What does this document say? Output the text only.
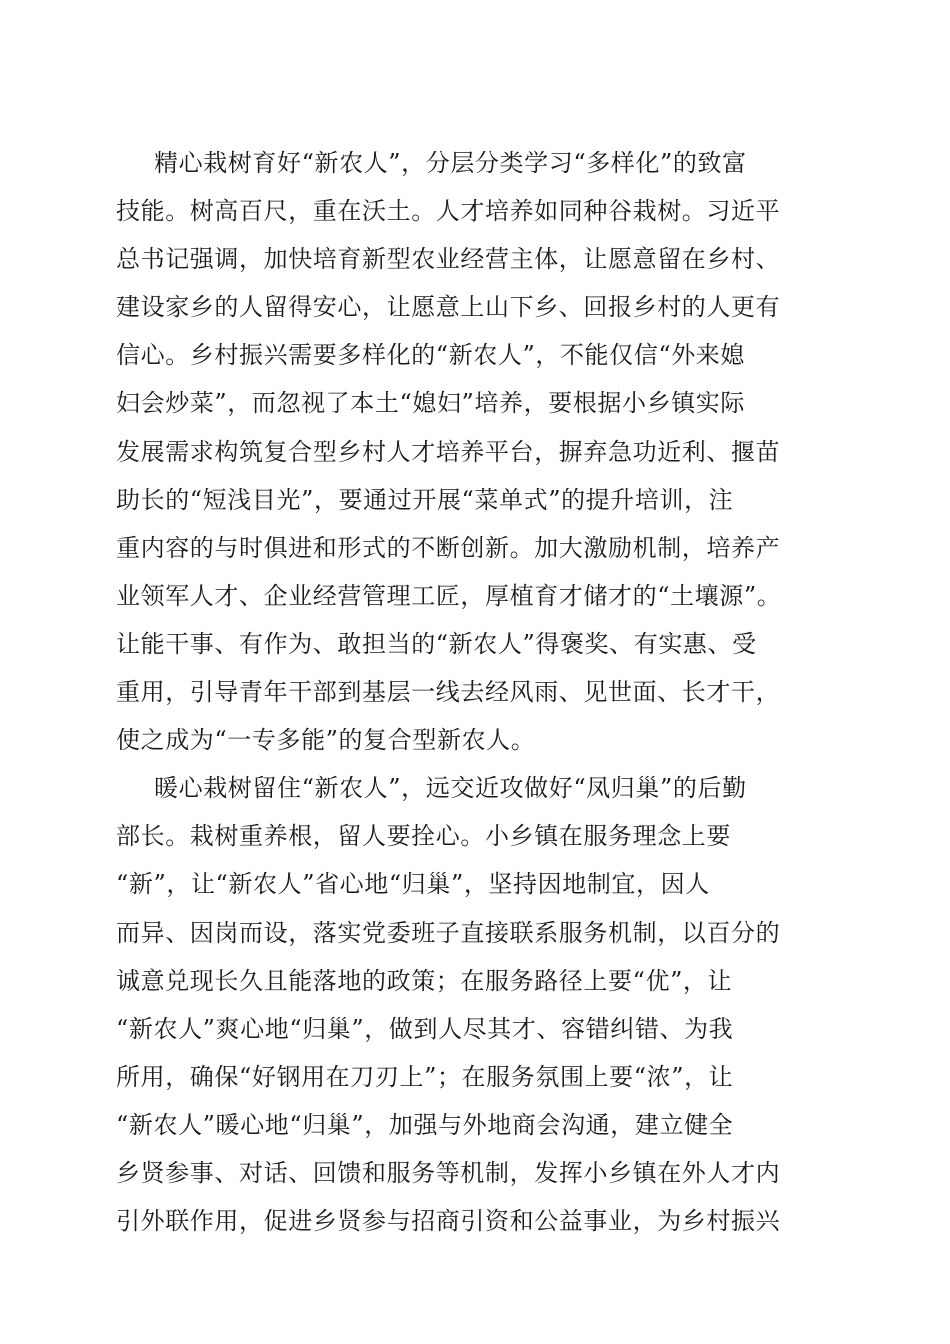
精心栽树育好“新农人”，分层分类学习“多样化”的致富
技能。树高百尺，重在沃土。人才培养如同种谷栽树。习近平
总书记强调，加快培育新型农业经营主体，让愿意留在乡村、
建设家乡的人留得安心，让愿意上山下乡、回报乡村的人更有
信心。乡村振兴需要多样化的“新农人”，不能仅信“外来媳
妇会炒菜”，而忽视了本土“媳妇”培养，要根据小乡镇实际
发展需求构筑复合型乡村人才培养平台，摒弃急功近利、揠苗
助长的“短浅目光”，要通过开展“菜单式”的提升培训，注
重内容的与时俱进和形式的不断创新。加大激励机制，培养产
业领军人才、企业经营管理工匠，厚植育才储才的“土壤源”。
让能干事、有作为、敢担当的“新农人”得褒奖、有实惠、受
重用，引导青年干部到基层一线去经风雨、见世面、长才干，
使之成为“一专多能”的复合型新农人。
暖心栽树留住“新农人”，远交近攻做好“凤归巢”的后勤
部长。栽树重养根，留人要拴心。小乡镇在服务理念上要
“新”，让“新农人”省心地“归巢”，坚持因地制宜，因人
而异、因岗而设，落实党委班子直接联系服务机制，以百分的
诚意兑现长久且能落地的政策；在服务路径上要“优”，让
“新农人”爽心地“归巢”，做到人尽其才、容错纠错、为我
所用，确保“好钢用在刀刃上”；在服务氛围上要“浓”，让
“新农人”暖心地“归巢”，加强与外地商会沟通，建立健全
乡贤参事、对话、回馈和服务等机制，发挥小乡镇在外人才内
引外联作用，促进乡贤参与招商引资和公益事业，为乡村振兴
